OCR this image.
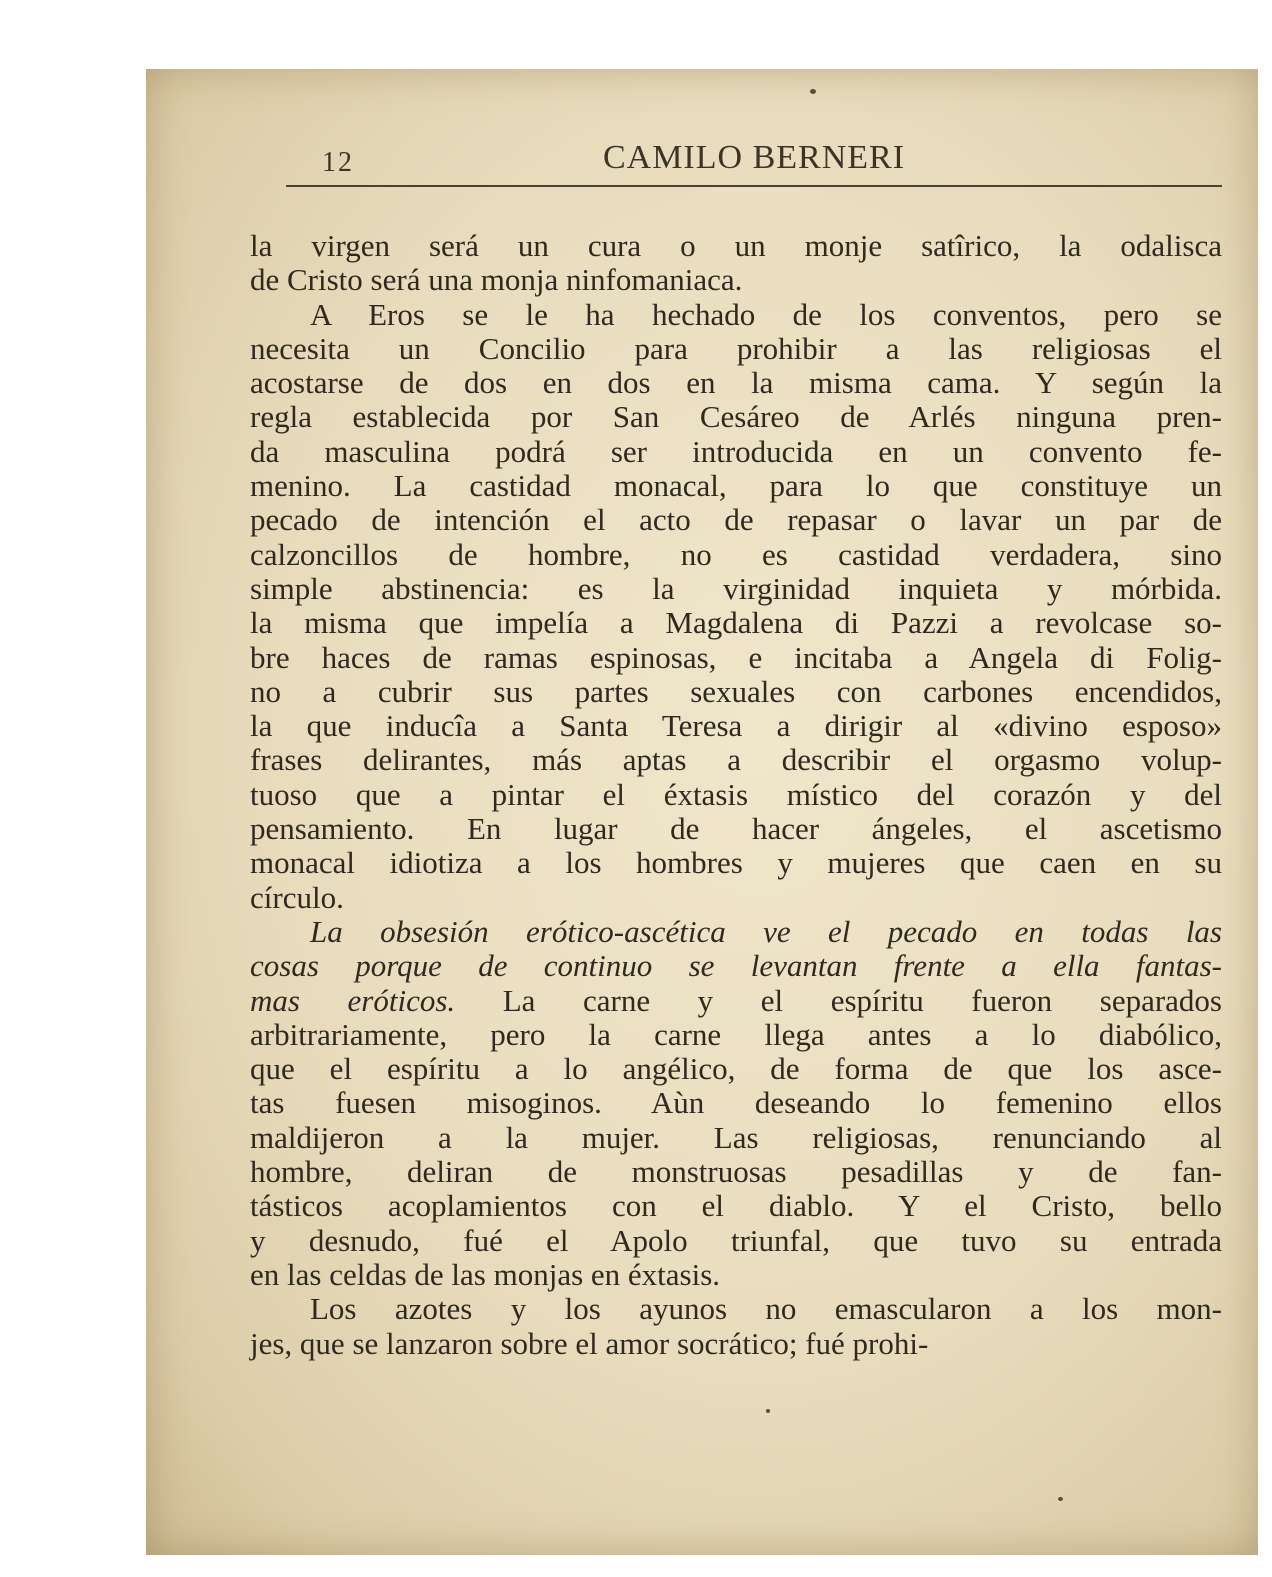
12	CAMILO BERNERI
la virgen será un cura o un monje satîrico, la odalisca
de Cristo será una monja ninfomaniaca.
A Eros se le ha hechado de los conventos, pero se
necesita un Concilio para prohibir a las religiosas el
acostarse de dos en dos en la misma cama. Y según la
regla establecida por San Cesáreo de Arlés ninguna pren-
da masculina podrá ser introducida en un convento fe-
menino. La castidad monacal, para lo que constituye un
pecado de intención el acto de repasar o lavar un par de
calzoncillos de hombre, no es castidad verdadera, sino
simple abstinencia: es la virginidad inquieta y mórbida.
la misma que impelía a Magdalena di Pazzi a revolcase so-
bre haces de ramas espinosas, e incitaba a Angela di Folig-
no a cubrir sus partes sexuales con carbones encendidos,
la que inducîa a Santa Teresa a dirigir al «divino esposo»
frases delirantes, más aptas a describir el orgasmo volup-
tuoso que a pintar el éxtasis místico del corazón y del
pensamiento. En lugar de hacer ángeles, el ascetismo
monacal idiotiza a los hombres y mujeres que caen en su
círculo.
La obsesión erótico-ascética ve el pecado en todas las
cosas porque de continuo se levantan frente a ella fantas-
mas eróticos. La carne y el espíritu fueron separados
arbitrariamente, pero la carne llega antes a lo diabólico,
que el espíritu a lo angélico, de forma de que los asce-
tas fuesen misoginos. Aùn deseando lo femenino ellos
maldijeron a la mujer. Las religiosas, renunciando al
hombre, deliran de monstruosas pesadillas y de fan-
tásticos acoplamientos con el diablo. Y el Cristo, bello
y desnudo, fué el Apolo triunfal, que tuvo su entrada
en las celdas de las monjas en éxtasis.
Los azotes y los ayunos no emascularon a los mon-
jes, que se lanzaron sobre el amor socrático; fué prohi-
